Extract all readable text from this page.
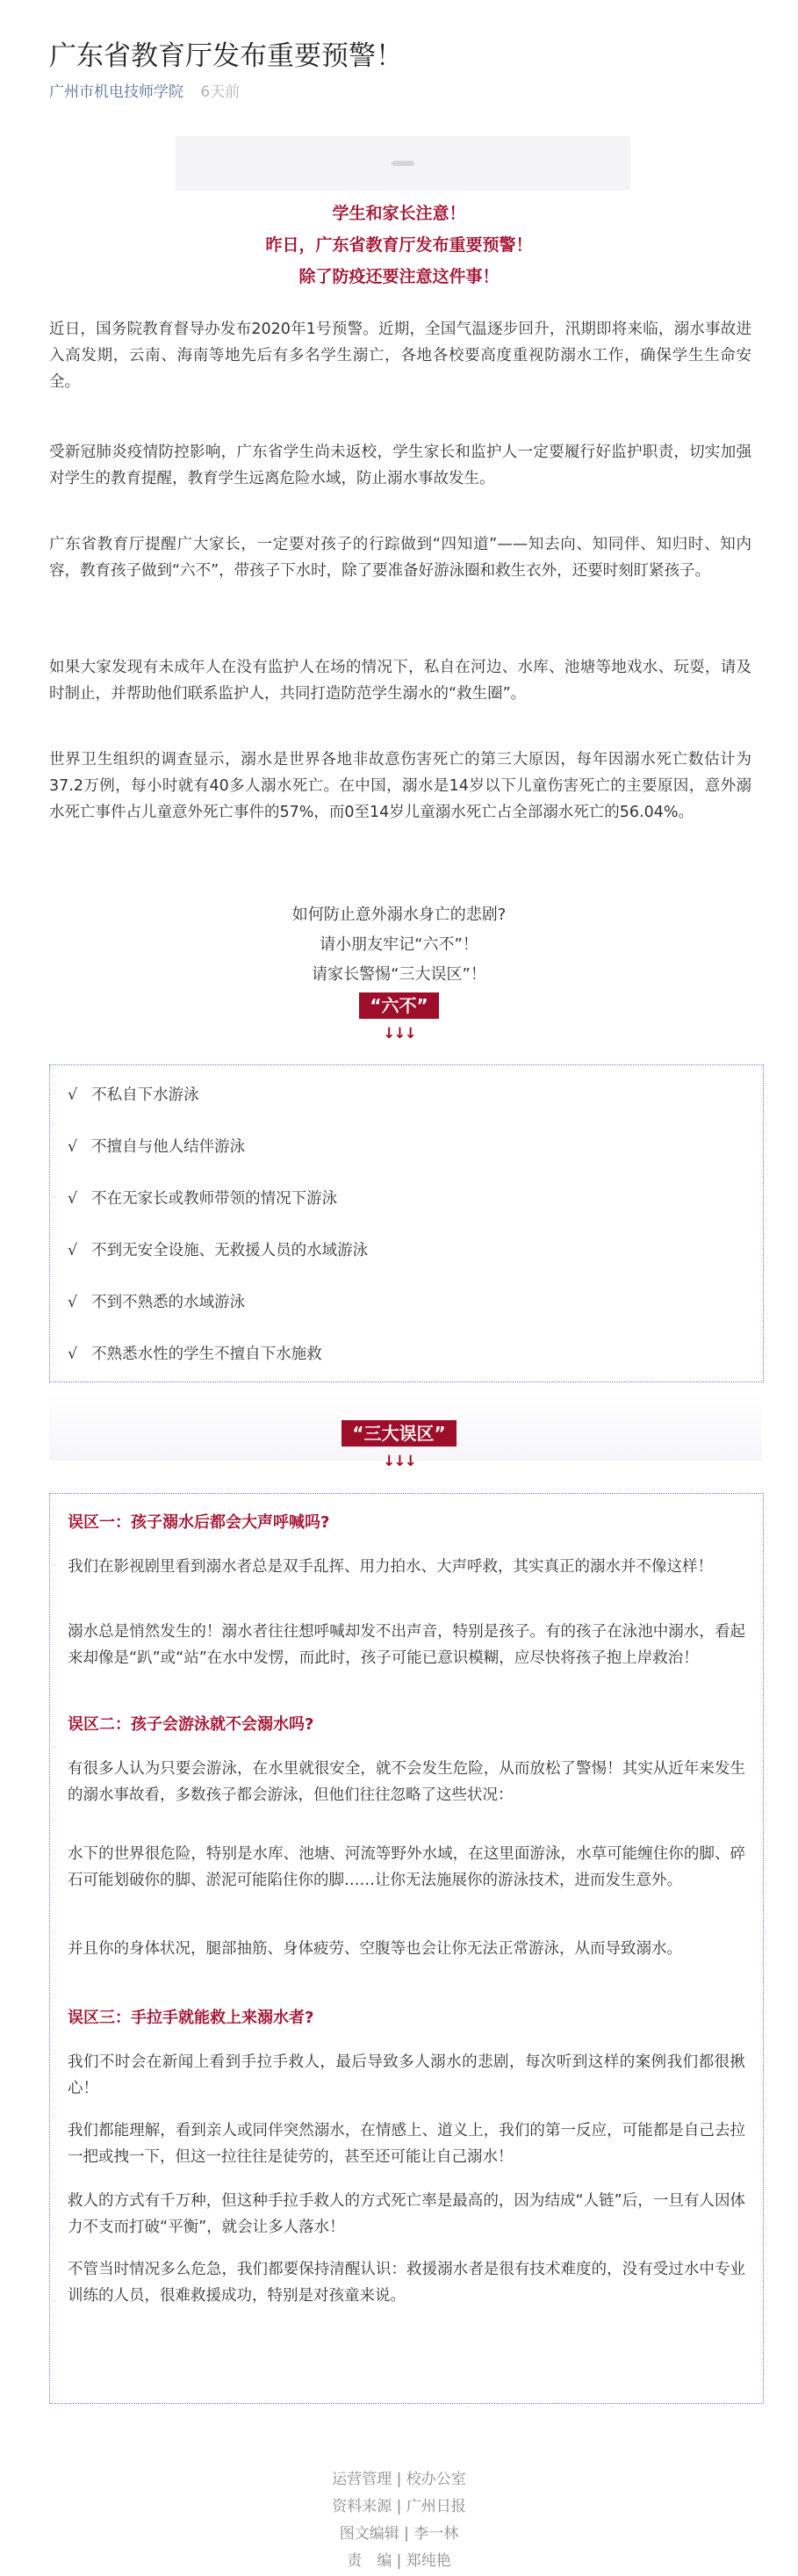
广东省教育厅发布重要预警！
广州市机电技师学院 6天前
学生和家长注意！
昨日，广东省教育厅发布重要预警！
除了防疫还要注意这件事！

近日，国务院教育督导办发布2020年1号预警。近期，全国气温逐步回升，汛期即将来临，溺水事故进入高发期，云南、海南等地先后有多名学生溺亡，各地各校要高度重视防溺水工作，确保学生生命安全。

受新冠肺炎疫情防控影响，广东省学生尚未返校，学生家长和监护人一定要履行好监护职责，切实加强对学生的教育提醒，教育学生远离危险水域，防止溺水事故发生。

广东省教育厅提醒广大家长，一定要对孩子的行踪做到“四知道”——知去向、知同伴、知归时、知内容，教育孩子做到“六不”，带孩子下水时，除了要准备好游泳圈和救生衣外，还要时刻盯紧孩子。

如果大家发现有未成年人在没有监护人在场的情况下，私自在河边、水库、池塘等地戏水、玩耍，请及时制止，并帮助他们联系监护人，共同打造防范学生溺水的“救生圈”。

世界卫生组织的调查显示，溺水是世界各地非故意伤害死亡的第三大原因，每年因溺水死亡数估计为37.2万例，每小时就有40多人溺水死亡。在中国，溺水是14岁以下儿童伤害死亡的主要原因，意外溺水死亡事件占儿童意外死亡事件的57%，而0至14岁儿童溺水死亡占全部溺水死亡的56.04%。

如何防止意外溺水身亡的悲剧?
请小朋友牢记“六不”！
请家长警惕“三大误区”！
“六不”
↓↓↓
√ 不私自下水游泳
√ 不擅自与他人结伴游泳
√ 不在无家长或教师带领的情况下游泳
√ 不到无安全设施、无救援人员的水域游泳
√ 不到不熟悉的水域游泳
√ 不熟悉水性的学生不擅自下水施救
“三大误区”
↓↓↓
误区一：孩子溺水后都会大声呼喊吗?

我们在影视剧里看到溺水者总是双手乱挥、用力拍水、大声呼救，其实真正的溺水并不像这样！

溺水总是悄然发生的！溺水者往往想呼喊却发不出声音，特别是孩子。有的孩子在泳池中溺水，看起来却像是“趴”或“站”在水中发愣，而此时，孩子可能已意识模糊，应尽快将孩子抱上岸救治！

误区二：孩子会游泳就不会溺水吗?

有很多人认为只要会游泳，在水里就很安全，就不会发生危险，从而放松了警惕！其实从近年来发生的溺水事故看，多数孩子都会游泳，但他们往往忽略了这些状况：

水下的世界很危险，特别是水库、池塘、河流等野外水域，在这里面游泳，水草可能缠住你的脚、碎石可能划破你的脚、淤泥可能陷住你的脚……让你无法施展你的游泳技术，进而发生意外。

并且你的身体状况，腿部抽筋、身体疲劳、空腹等也会让你无法正常游泳，从而导致溺水。

误区三：手拉手就能救上来溺水者?

我们不时会在新闻上看到手拉手救人，最后导致多人溺水的悲剧，每次听到这样的案例我们都很揪心！

我们都能理解，看到亲人或同伴突然溺水，在情感上、道义上，我们的第一反应，可能都是自己去拉一把或拽一下，但这一拉往往是徒劳的，甚至还可能让自己溺水！

救人的方式有千万种，但这种手拉手救人的方式死亡率是最高的，因为结成“人链”后，一旦有人因体力不支而打破“平衡”，就会让多人落水！

不管当时情况多么危急，我们都要保持清醒认识：救援溺水者是很有技术难度的，没有受过水中专业训练的人员，很难救援成功，特别是对孩童来说。

运营管理 | 校办公室
资料来源 | 广州日报
图文编辑 | 李一林
责　编 | 郑纯艳
